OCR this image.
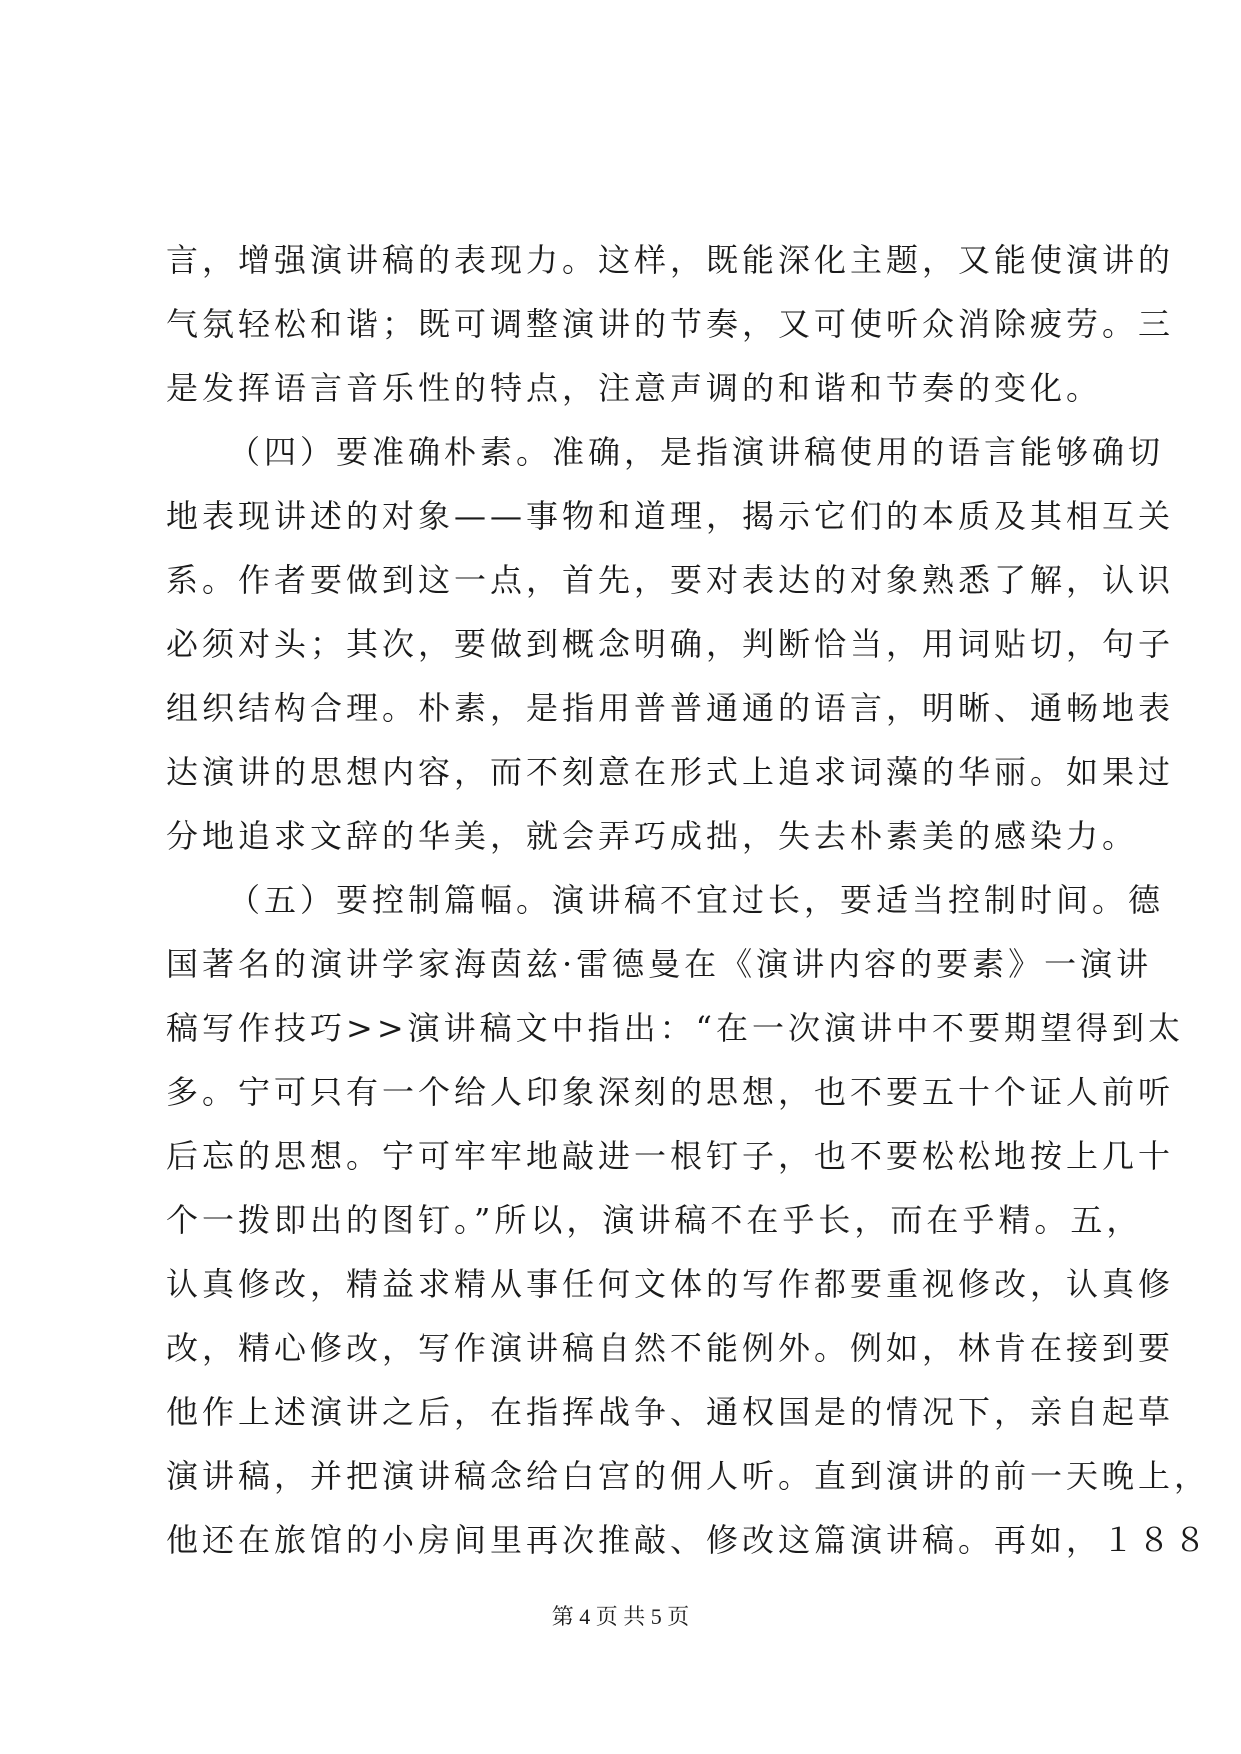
言，增强演讲稿的表现力。这样，既能深化主题，又能使演讲的
气氛轻松和谐；既可调整演讲的节奏，又可使听众消除疲劳。三
是发挥语言音乐性的特点，注意声调的和谐和节奏的变化。
（四）要准确朴素。准确，是指演讲稿使用的语言能够确切
地表现讲述的对象——事物和道理，揭示它们的本质及其相互关
系。作者要做到这一点，首先，要对表达的对象熟悉了解，认识
必须对头；其次，要做到概念明确，判断恰当，用词贴切，句子
组织结构合理。朴素，是指用普普通通的语言，明晰、通畅地表
达演讲的思想内容，而不刻意在形式上追求词藻的华丽。如果过
分地追求文辞的华美，就会弄巧成拙，失去朴素美的感染力。
（五）要控制篇幅。演讲稿不宜过长，要适当控制时间。德
国著名的演讲学家海茵兹·雷德曼在《演讲内容的要素》一演讲
稿写作技巧>>演讲稿文中指出：“在一次演讲中不要期望得到太
多。宁可只有一个给人印象深刻的思想，也不要五十个证人前听
后忘的思想。宁可牢牢地敲进一根钉子，也不要松松地按上几十
个一拨即出的图钉。”所以，演讲稿不在乎长，而在乎精。五，
认真修改，精益求精从事任何文体的写作都要重视修改，认真修
改，精心修改，写作演讲稿自然不能例外。例如，林肯在接到要
他作上述演讲之后，在指挥战争、通权国是的情况下，亲自起草
演讲稿，并把演讲稿念给白宫的佣人听。直到演讲的前一天晚上，
他还在旅馆的小房间里再次推敲、修改这篇演讲稿。再如，１８８
第 4 页 共 5 页
